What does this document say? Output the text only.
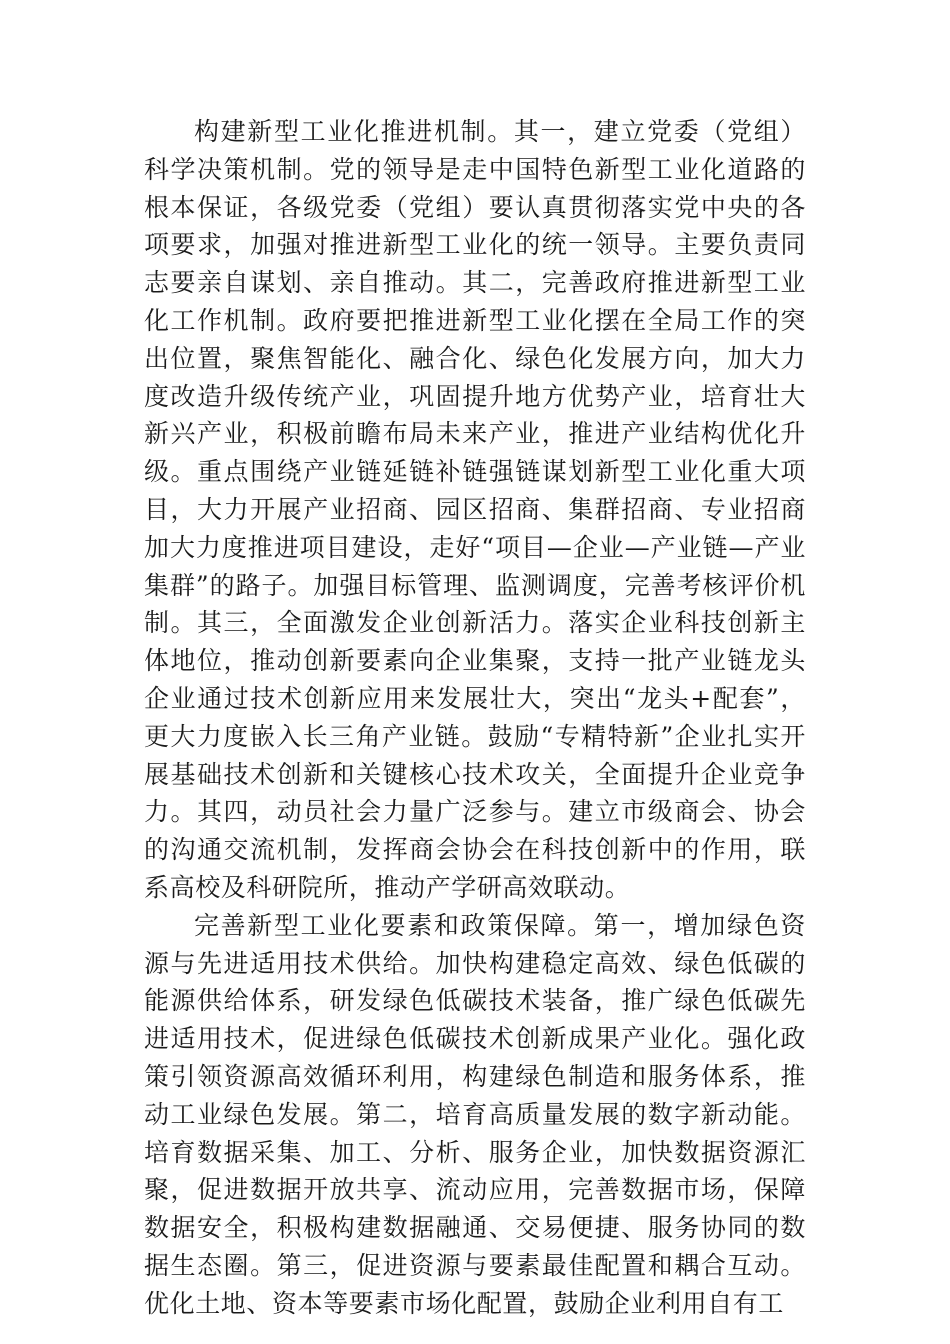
构建新型工业化推进机制。其一，建立党委（党组）科学决策机制。党的领导是走中国特色新型工业化道路的根本保证，各级党委（党组）要认真贯彻落实党中央的各项要求，加强对推进新型工业化的统一领导。主要负责同志要亲自谋划、亲自推动。其二，完善政府推进新型工业化工作机制。政府要把推进新型工业化摆在全局工作的突出位置，聚焦智能化、融合化、绿色化发展方向，加大力度改造升级传统产业，巩固提升地方优势产业，培育壮大新兴产业，积极前瞻布局未来产业，推进产业结构优化升级。重点围绕产业链延链补链强链谋划新型工业化重大项目，大力开展产业招商、园区招商、集群招商、专业招商加大力度推进项目建设，走好“项目—企业—产业链—产业集群”的路子。加强目标管理、监测调度，完善考核评价机制。其三，全面激发企业创新活力。落实企业科技创新主体地位，推动创新要素向企业集聚，支持一批产业链龙头企业通过技术创新应用来发展壮大，突出“龙头+配套”，更大力度嵌入长三角产业链。鼓励“专精特新”企业扎实开展基础技术创新和关键核心技术攻关，全面提升企业竞争力。其四，动员社会力量广泛参与。建立市级商会、协会的沟通交流机制，发挥商会协会在科技创新中的作用，联系高校及科研院所，推动产学研高效联动。

完善新型工业化要素和政策保障。第一，增加绿色资源与先进适用技术供给。加快构建稳定高效、绿色低碳的能源供给体系，研发绿色低碳技术装备，推广绿色低碳先进适用技术，促进绿色低碳技术创新成果产业化。强化政策引领资源高效循环利用，构建绿色制造和服务体系，推动工业绿色发展。第二，培育高质量发展的数字新动能。培育数据采集、加工、分析、服务企业，加快数据资源汇聚，促进数据开放共享、流动应用，完善数据市场，保障数据安全，积极构建数据融通、交易便捷、服务协同的数据生态圈。第三，促进资源与要素最佳配置和耦合互动。优化土地、资本等要素市场化配置，鼓励企业利用自有工
